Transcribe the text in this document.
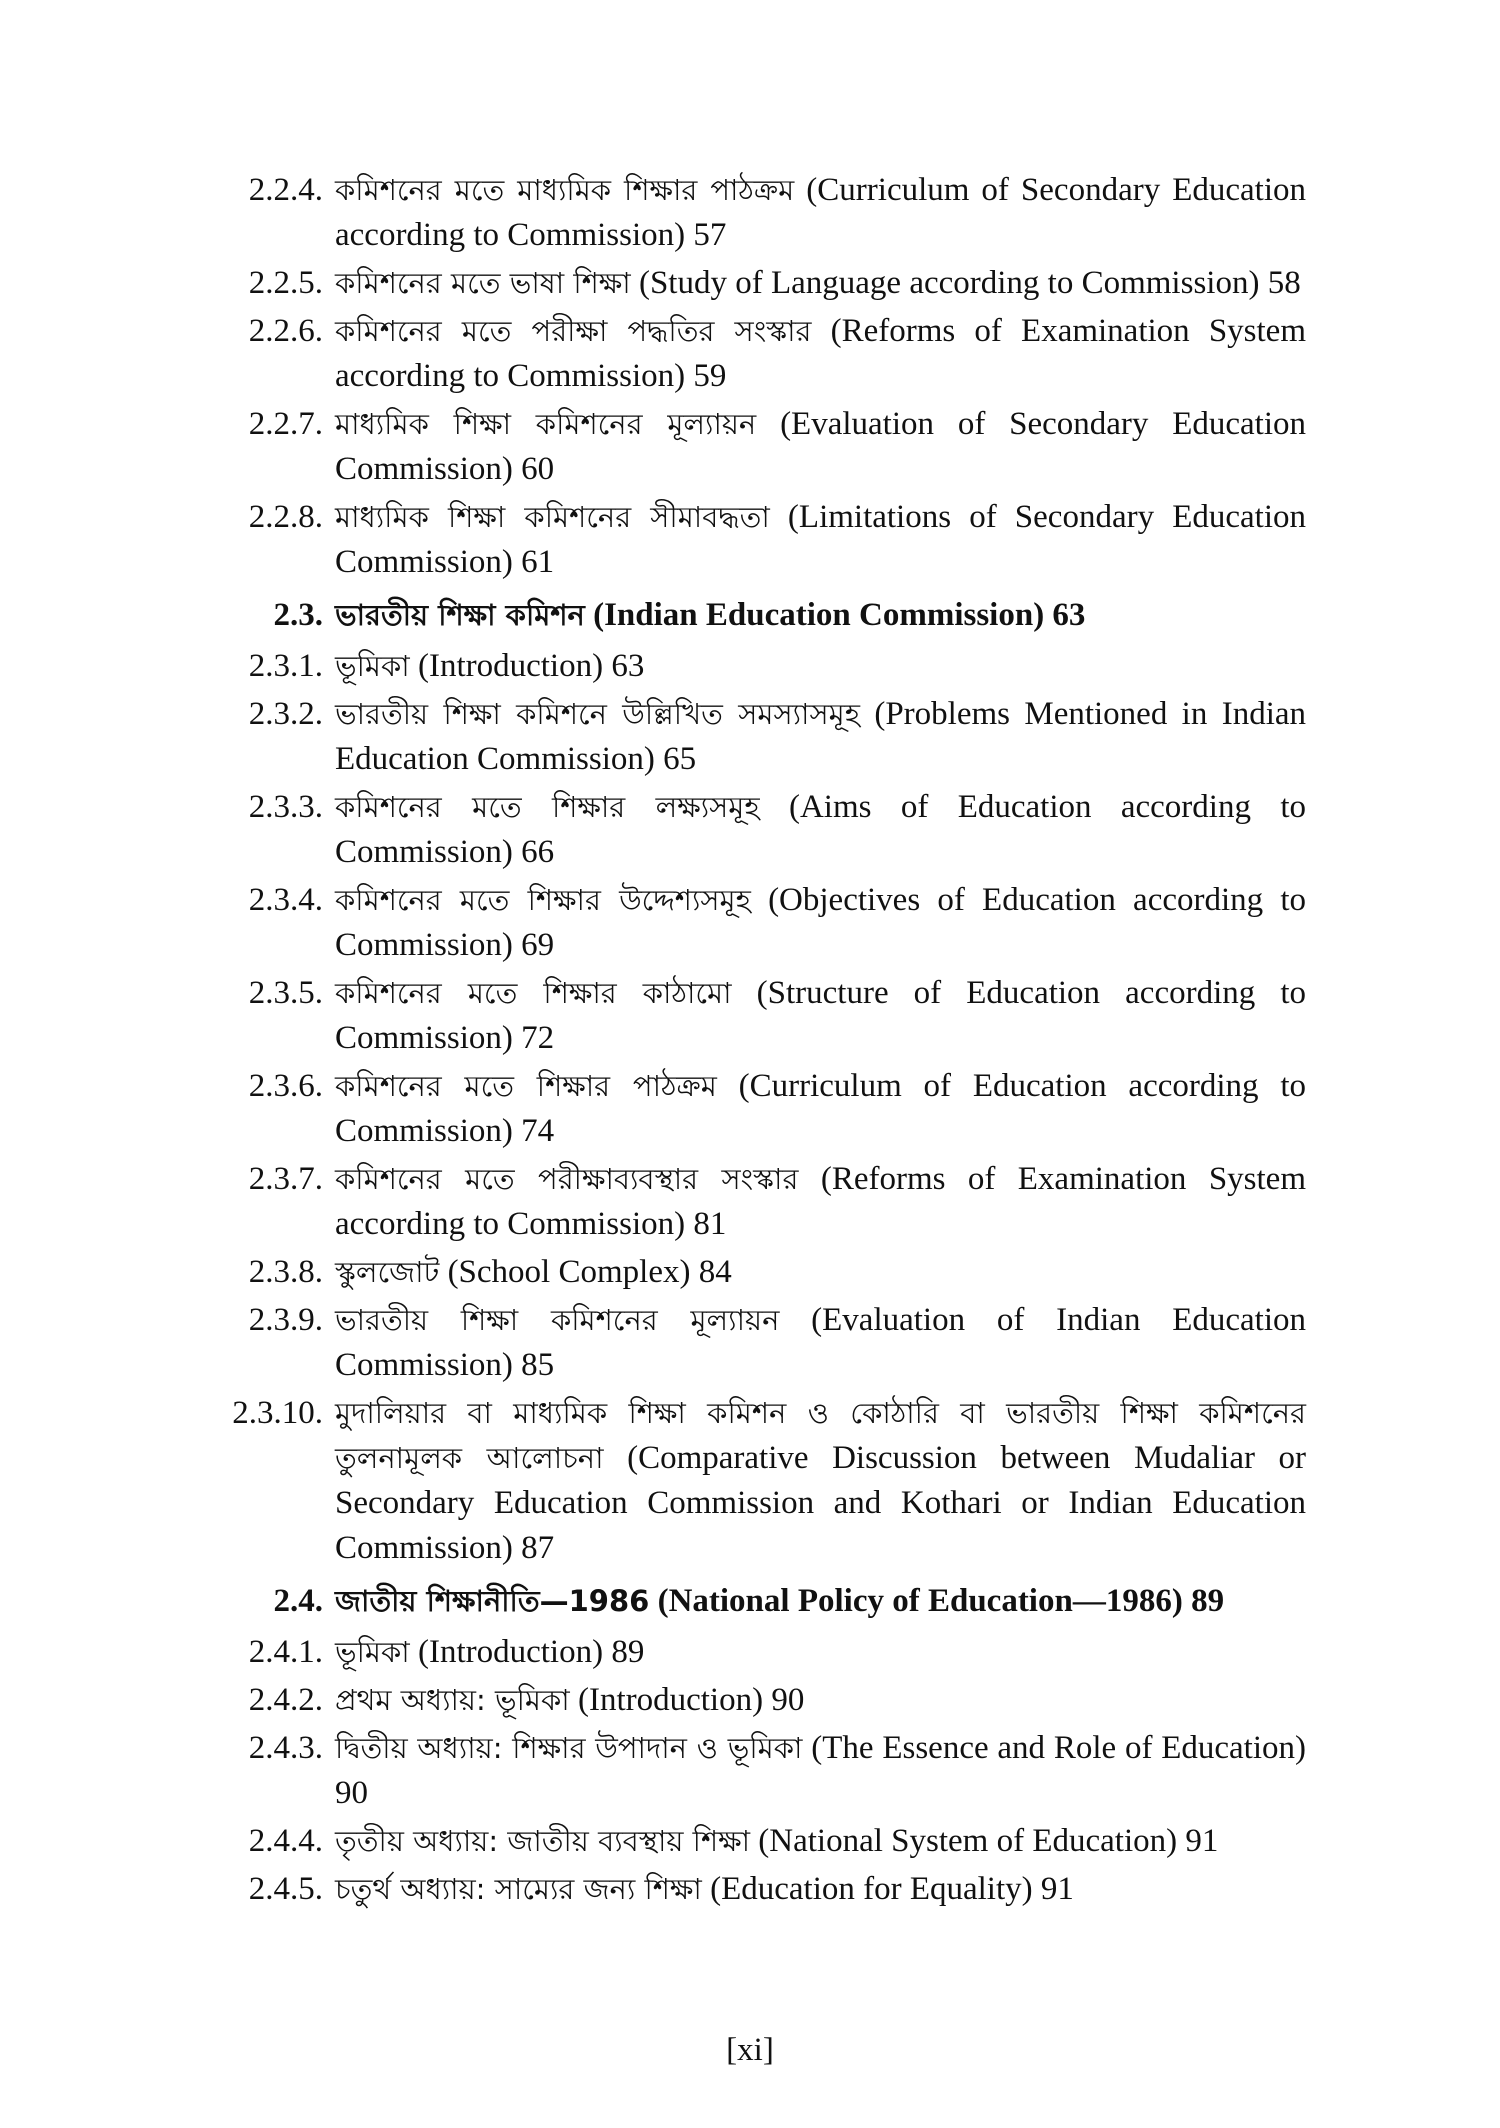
2.2.4. কমিশনের মতে মাধ্যমিক শিক্ষার পাঠক্রম (Curriculum of Secondary Education according to Commission) 57
2.2.5. কমিশনের মতে ভাষা শিক্ষা (Study of Language according to Commission) 58
2.2.6. কমিশনের মতে পরীক্ষা পদ্ধতির সংস্কার (Reforms of Examination System according to Commission) 59
2.2.7. মাধ্যমিক শিক্ষা কমিশনের মূল্যায়ন (Evaluation of Secondary Education Commission) 60
2.2.8. মাধ্যমিক শিক্ষা কমিশনের সীমাবদ্ধতা (Limitations of Secondary Education Commission) 61
2.3. ভারতীয় শিক্ষা কমিশন (Indian Education Commission) 63
2.3.1. ভূমিকা (Introduction) 63
2.3.2. ভারতীয় শিক্ষা কমিশনে উল্লিখিত সমস্যাসমূহ (Problems Mentioned in Indian Education Commission) 65
2.3.3. কমিশনের মতে শিক্ষার লক্ষ্যসমূহ (Aims of Education according to Commission) 66
2.3.4. কমিশনের মতে শিক্ষার উদ্দেশ্যসমূহ (Objectives of Education according to Commission) 69
2.3.5. কমিশনের মতে শিক্ষার কাঠামো (Structure of Education according to Commission) 72
2.3.6. কমিশনের মতে শিক্ষার পাঠক্রম (Curriculum of Education according to Commission) 74
2.3.7. কমিশনের মতে পরীক্ষাব্যবস্থার সংস্কার (Reforms of Examination System according to Commission) 81
2.3.8. স্কুলজোট (School Complex) 84
2.3.9. ভারতীয় শিক্ষা কমিশনের মূল্যায়ন (Evaluation of Indian Education Commission) 85
2.3.10. মুদালিয়ার বা মাধ্যমিক শিক্ষা কমিশন ও কোঠারি বা ভারতীয় শিক্ষা কমিশনের তুলনামূলক আলোচনা (Comparative Discussion between Mudaliar or Secondary Education Commission and Kothari or Indian Education Commission) 87
2.4. জাতীয় শিক্ষানীতি—1986 (National Policy of Education—1986) 89
2.4.1. ভূমিকা (Introduction) 89
2.4.2. প্রথম অধ্যায়: ভূমিকা (Introduction) 90
2.4.3. দ্বিতীয় অধ্যায়: শিক্ষার উপাদান ও ভূমিকা (The Essence and Role of Education) 90
2.4.4. তৃতীয় অধ্যায়: জাতীয় ব্যবস্থায় শিক্ষা (National System of Education) 91
2.4.5. চতুর্থ অধ্যায়: সাম্যের জন্য শিক্ষা (Education for Equality) 91
[xi]
